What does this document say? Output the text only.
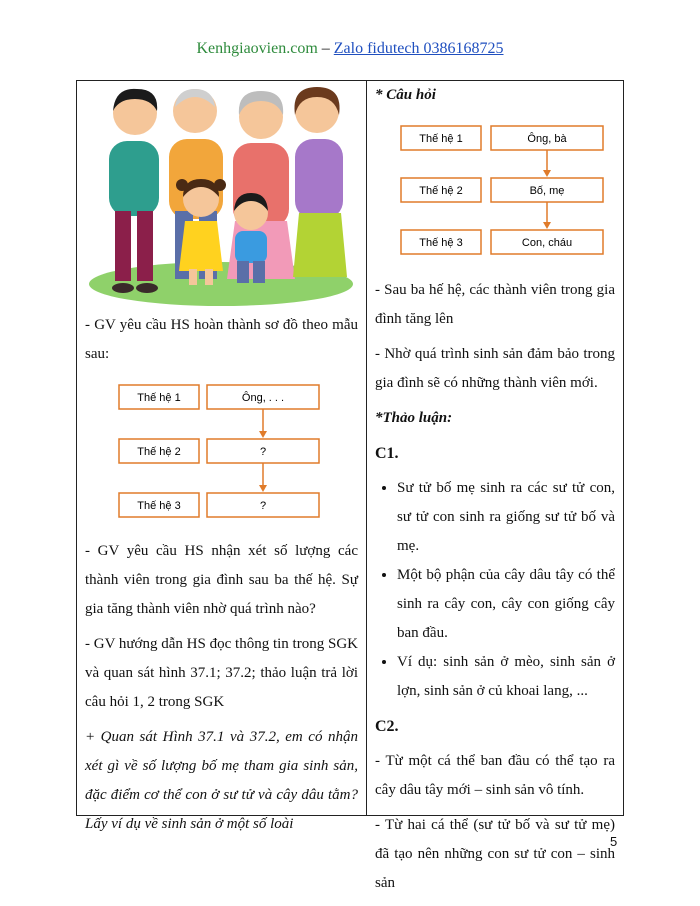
Kenhgiaovien.com – Zalo fidutech 0386168725

- GV yêu cầu HS hoàn thành sơ đồ theo mẫu sau:

Thế hệ 1	Ông, . . .
Thế hệ 2	?
Thế hệ 3	?

- GV yêu cầu HS nhận xét số lượng các thành viên trong gia đình sau ba thế hệ. Sự gia tăng thành viên nhờ quá trình nào?

- GV hướng dẫn HS đọc thông tin trong SGK và quan sát hình 37.1; 37.2; thảo luận trả lời câu hỏi 1, 2 trong SGK

+ Quan sát Hình 37.1 và 37.2, em có nhận xét gì về số lượng bố mẹ tham gia sinh sản, đặc điểm cơ thể con ở sư tử và cây dâu tằm? Lấy ví dụ về sinh sản ở một số loài

* Câu hỏi

Thế hệ 1	Ông, bà
Thế hệ 2	Bố, mẹ
Thế hệ 3	Con, cháu

- Sau ba hế hệ, các thành viên trong gia đình tăng lên

- Nhờ quá trình sinh sản đảm bảo trong gia đình sẽ có những thành viên mới.

*Thảo luận:

C1.

• Sư tử bố mẹ sinh ra các sư tử con, sư tử con sinh ra giống sư tử bố và mẹ.
• Một bộ phận của cây dâu tây có thể sinh ra cây con, cây con giống cây ban đầu.
• Ví dụ: sinh sản ở mèo, sinh sản ở lợn, sinh sản ở củ khoai lang, ...

C2.

- Từ một cá thể ban đầu có thể tạo ra cây dâu tây mới – sinh sản vô tính.

- Từ hai cá thể (sư tử bố và sư tử mẹ) đã tạo nên những con sư tử con – sinh sản

5
